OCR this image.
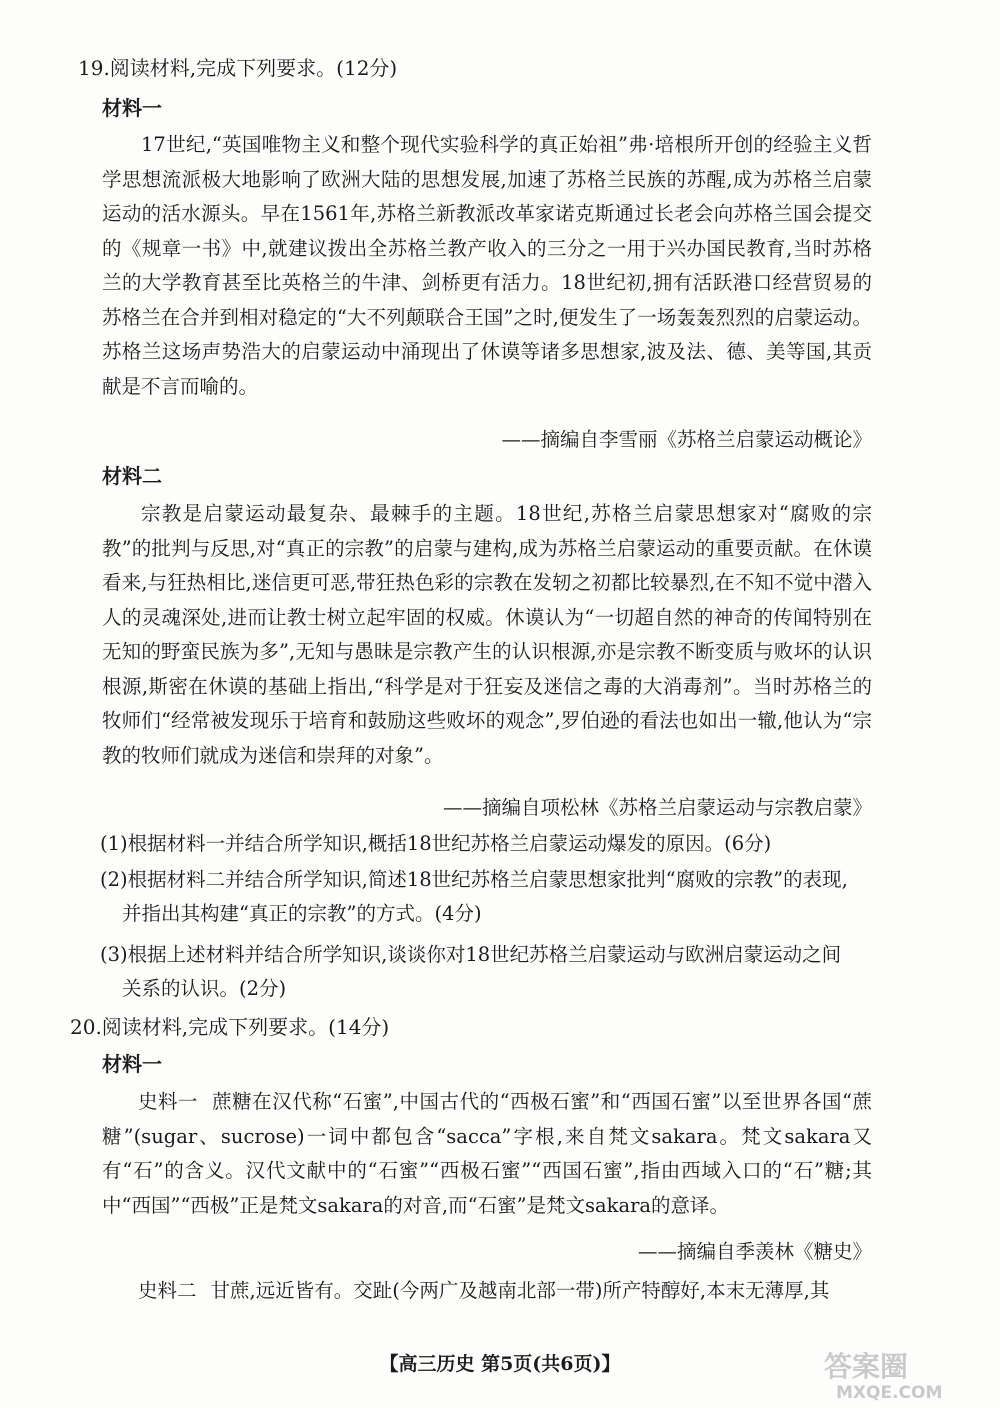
19.阅读材料,完成下列要求。(12分)
材料一

17世纪,“英国唯物主义和整个现代实验科学的真正始祖”弗·培根所开创的经验主义哲学思想流派极大地影响了欧洲大陆的思想发展,加速了苏格兰民族的苏醒,成为苏格兰启蒙运动的活水源头。早在1561年,苏格兰新教派改革家诺克斯通过长老会向苏格兰国会提交的《规章一书》中,就建议拨出全苏格兰教产收入的三分之一用于兴办国民教育,当时苏格兰的大学教育甚至比英格兰的牛津、剑桥更有活力。18世纪初,拥有活跃港口经营贸易的苏格兰在合并到相对稳定的“大不列颠联合王国”之时,便发生了一场轰轰烈烈的启蒙运动。苏格兰这场声势浩大的启蒙运动中涌现出了休谟等诸多思想家,波及法、德、美等国,其贡献是不言而喻的。

——摘编自李雪丽《苏格兰启蒙运动概论》
材料二

宗教是启蒙运动最复杂、最棘手的主题。18世纪,苏格兰启蒙思想家对“腐败的宗教”的批判与反思,对“真正的宗教”的启蒙与建构,成为苏格兰启蒙运动的重要贡献。在休谟看来,与狂热相比,迷信更可恶,带狂热色彩的宗教在发轫之初都比较暴烈,在不知不觉中潜入人的灵魂深处,进而让教士树立起牢固的权威。休谟认为“一切超自然的神奇的传闻特别在无知的野蛮民族为多”,无知与愚昧是宗教产生的认识根源,亦是宗教不断变质与败坏的认识根源,斯密在休谟的基础上指出,“科学是对于狂妄及迷信之毒的大消毒剂”。当时苏格兰的牧师们“经常被发现乐于培育和鼓励这些败坏的观念”,罗伯逊的看法也如出一辙,他认为“宗教的牧师们就成为迷信和崇拜的对象”。

——摘编自项松林《苏格兰启蒙运动与宗教启蒙》
(1)根据材料一并结合所学知识,概括18世纪苏格兰启蒙运动爆发的原因。(6分)
(2)根据材料二并结合所学知识,简述18世纪苏格兰启蒙思想家批判“腐败的宗教”的表现,
并指出其构建“真正的宗教”的方式。(4分)
(3)根据上述材料并结合所学知识,谈谈你对18世纪苏格兰启蒙运动与欧洲启蒙运动之间
关系的认识。(2分)
20.阅读材料,完成下列要求。(14分)
材料一

史料一 蔗糖在汉代称“石蜜”,中国古代的“西极石蜜”和“西国石蜜”以至世界各国“蔗糖”(sugar、sucrose)一词中都包含“sacca”字根,来自梵文sakara。梵文sakara又有“石”的含义。汉代文献中的“石蜜”“西极石蜜”“西国石蜜”,指由西域入口的“石”糖;其中“西国”“西极”正是梵文sakara的对音,而“石蜜”是梵文sakara的意译。

——摘编自季羡林《糖史》

史料二 甘蔗,远近皆有。交趾(今两广及越南北部一带)所产特醇好,本末无薄厚,其

【高三历史 第5页(共6页)】	答案圈
MXQE.COM
